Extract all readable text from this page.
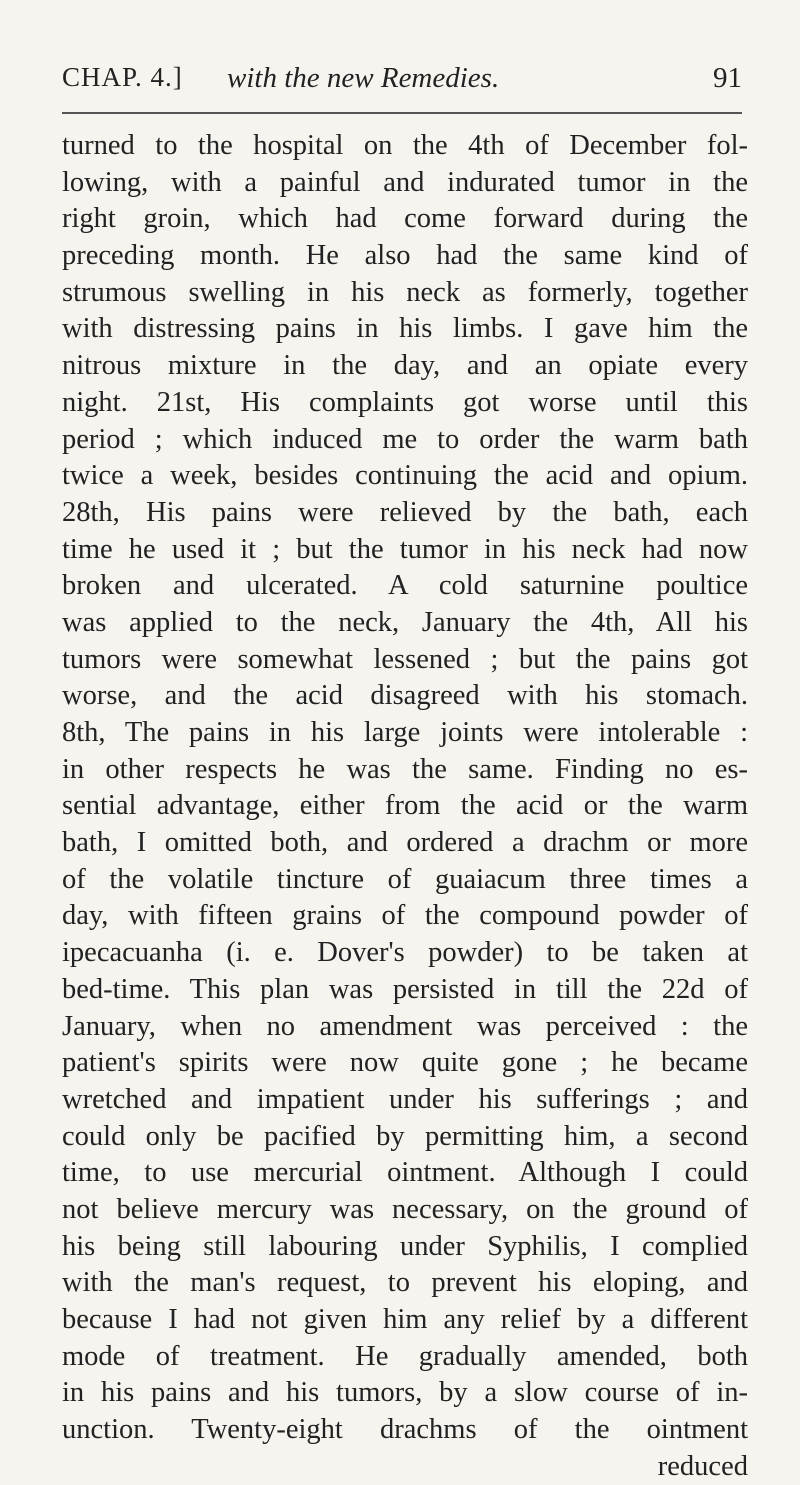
CHAP. 4.] with the new Remedies.	91
turned to the hospital on the 4th of December fol-
lowing, with a painful and indurated tumor in the
right groin, which had come forward during the
preceding month. He also had the same kind of
strumous swelling in his neck as formerly, together
with distressing pains in his limbs. I gave him the
nitrous mixture in the day, and an opiate every
night. 21st, His complaints got worse until this
period ; which induced me to order the warm bath
twice a week, besides continuing the acid and opium.
28th, His pains were relieved by the bath, each
time he used it ; but the tumor in his neck had now
broken and ulcerated. A cold saturnine poultice
was applied to the neck, January the 4th, All his
tumors were somewhat lessened ; but the pains got
worse, and the acid disagreed with his stomach.
8th, The pains in his large joints were intolerable :
in other respects he was the same. Finding no es-
sential advantage, either from the acid or the warm
bath, I omitted both, and ordered a drachm or more
of the volatile tincture of guaiacum three times a
day, with fifteen grains of the compound powder of
ipecacuanha (i. e. Dover's powder) to be taken at
bed-time. This plan was persisted in till the 22d of
January, when no amendment was perceived : the
patient's spirits were now quite gone ; he became
wretched and impatient under his sufferings ; and
could only be pacified by permitting him, a second
time, to use mercurial ointment. Although I could
not believe mercury was necessary, on the ground of
his being still labouring under Syphilis, I complied
with the man's request, to prevent his eloping, and
because I had not given him any relief by a different
mode of treatment. He gradually amended, both
in his pains and his tumors, by a slow course of in-
unction. Twenty-eight drachms of the ointment
reduced
